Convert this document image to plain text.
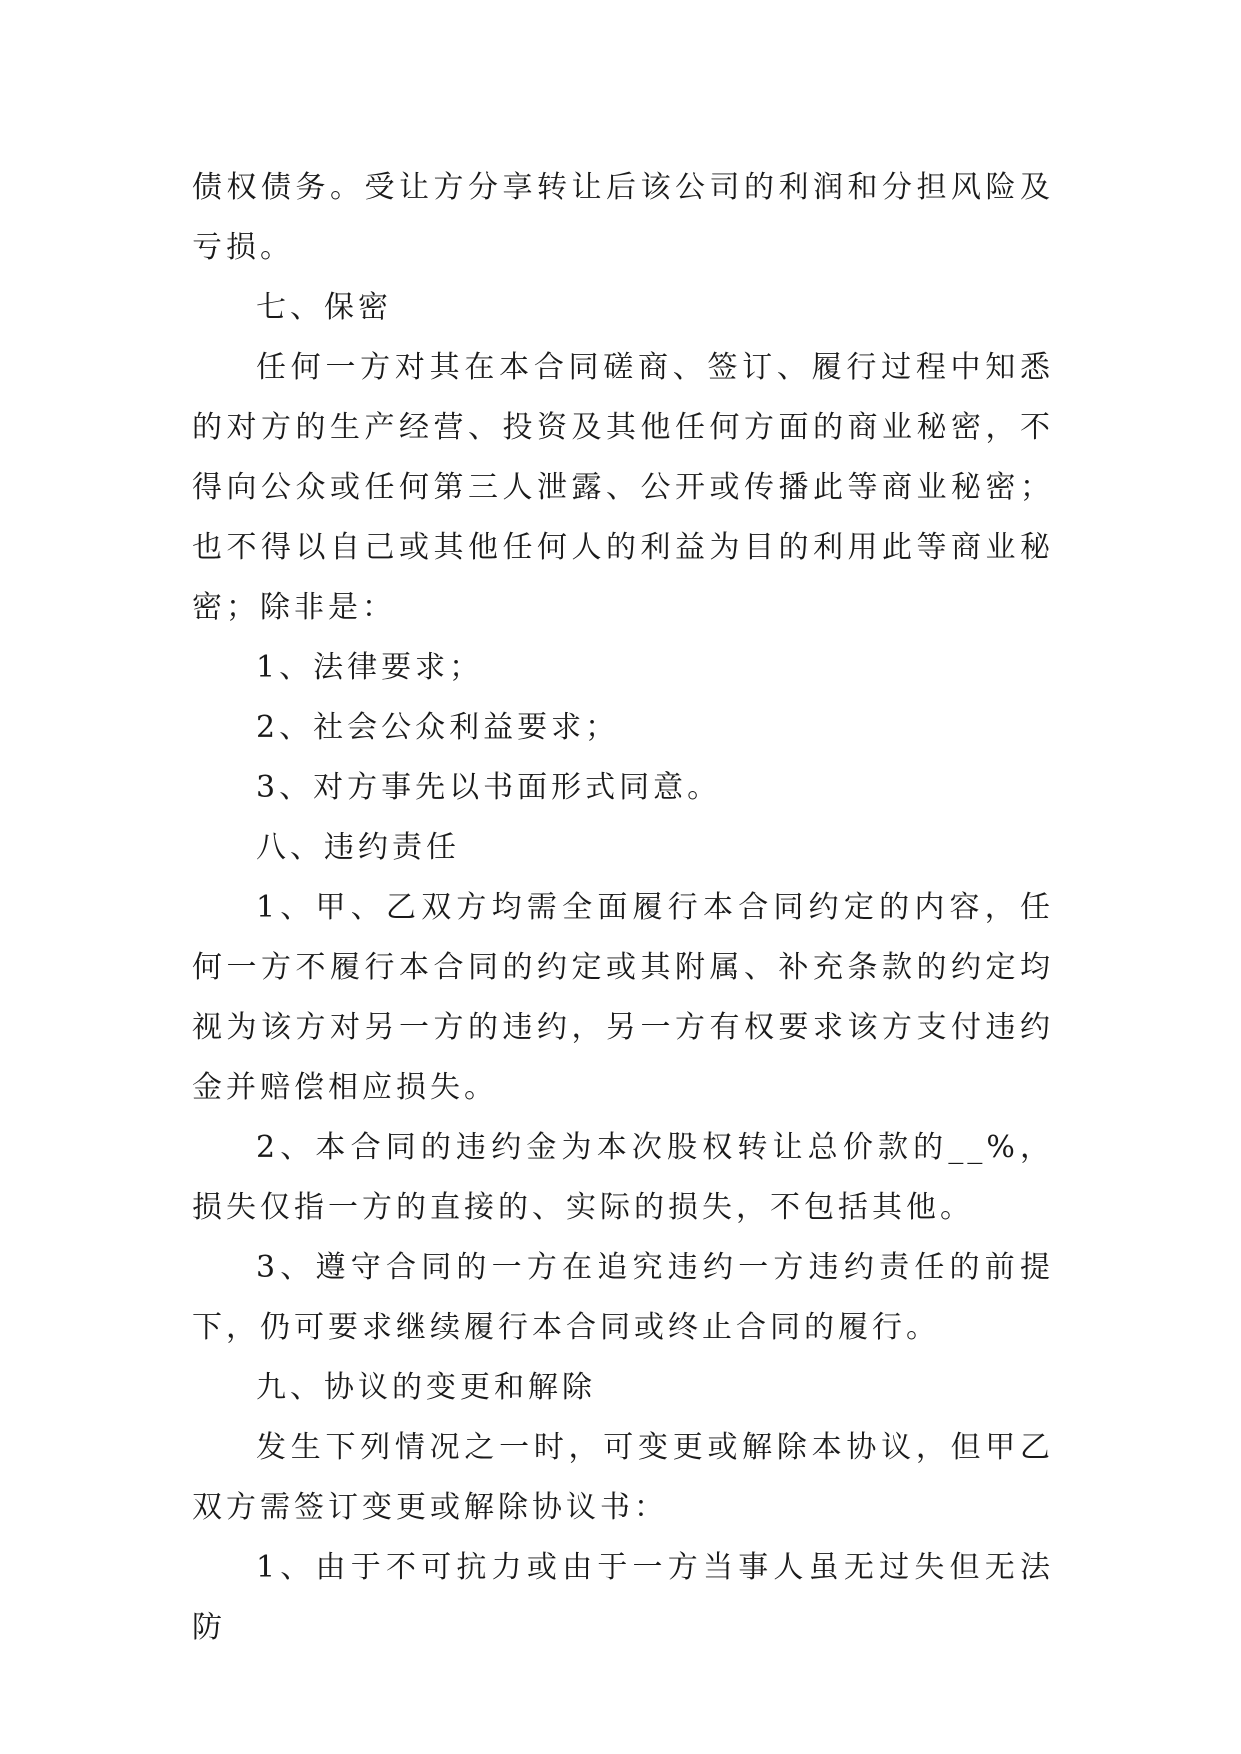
债权债务。受让方分享转让后该公司的利润和分担风险及亏损。

七、保密

任何一方对其在本合同磋商、签订、履行过程中知悉的对方的生产经营、投资及其他任何方面的商业秘密，不得向公众或任何第三人泄露、公开或传播此等商业秘密；也不得以自己或其他任何人的利益为目的利用此等商业秘密；除非是：

1、法律要求；

2、社会公众利益要求；

3、对方事先以书面形式同意。

八、违约责任

1、甲、乙双方均需全面履行本合同约定的内容，任何一方不履行本合同的约定或其附属、补充条款的约定均视为该方对另一方的违约，另一方有权要求该方支付违约金并赔偿相应损失。

2、本合同的违约金为本次股权转让总价款的__%，损失仅指一方的直接的、实际的损失，不包括其他。

3、遵守合同的一方在追究违约一方违约责任的前提下，仍可要求继续履行本合同或终止合同的履行。

九、协议的变更和解除

发生下列情况之一时，可变更或解除本协议，但甲乙双方需签订变更或解除协议书：

1、由于不可抗力或由于一方当事人虽无过失但无法防
